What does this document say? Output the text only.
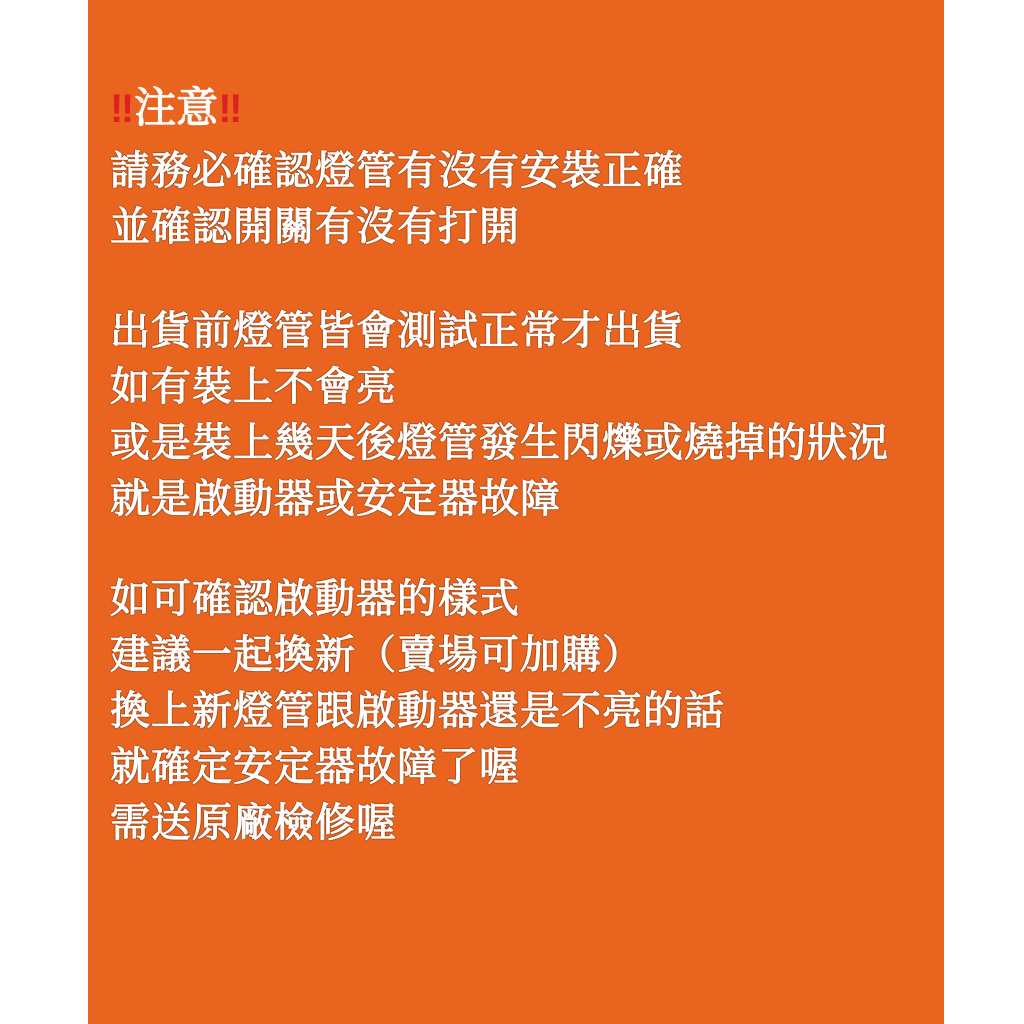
‼注意‼
請務必確認燈管有沒有安裝正確
並確認開關有沒有打開
出貨前燈管皆會測試正常才出貨
如有裝上不會亮
或是裝上幾天後燈管發生閃爍或燒掉的狀況
就是啟動器或安定器故障
如可確認啟動器的樣式
建議一起換新（賣場可加購）
換上新燈管跟啟動器還是不亮的話
就確定安定器故障了喔
需送原廠檢修喔
